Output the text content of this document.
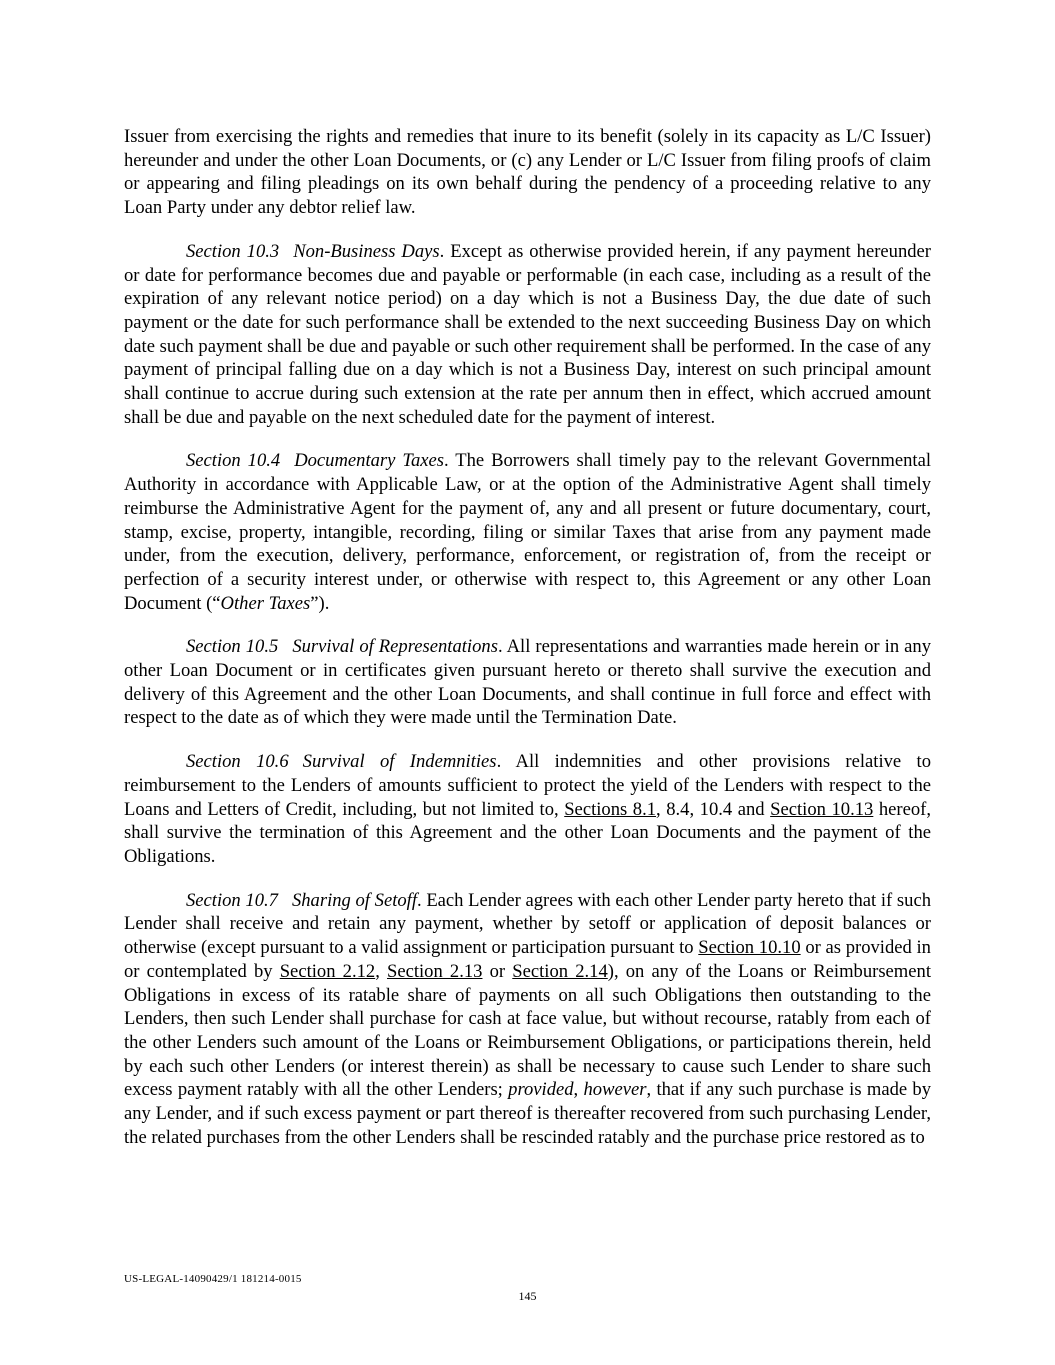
Issuer from exercising the rights and remedies that inure to its benefit (solely in its capacity as L/C Issuer) hereunder and under the other Loan Documents, or (c) any Lender or L/C Issuer from filing proofs of claim or appearing and filing pleadings on its own behalf during the pendency of a proceeding relative to any Loan Party under any debtor relief law.

Section 10.3 Non-Business Days. Except as otherwise provided herein, if any payment hereunder or date for performance becomes due and payable or performable (in each case, including as a result of the expiration of any relevant notice period) on a day which is not a Business Day, the due date of such payment or the date for such performance shall be extended to the next succeeding Business Day on which date such payment shall be due and payable or such other requirement shall be performed. In the case of any payment of principal falling due on a day which is not a Business Day, interest on such principal amount shall continue to accrue during such extension at the rate per annum then in effect, which accrued amount shall be due and payable on the next scheduled date for the payment of interest.

Section 10.4 Documentary Taxes. The Borrowers shall timely pay to the relevant Governmental Authority in accordance with Applicable Law, or at the option of the Administrative Agent shall timely reimburse the Administrative Agent for the payment of, any and all present or future documentary, court, stamp, excise, property, intangible, recording, filing or similar Taxes that arise from any payment made under, from the execution, delivery, performance, enforcement, or registration of, from the receipt or perfection of a security interest under, or otherwise with respect to, this Agreement or any other Loan Document (“Other Taxes”).

Section 10.5 Survival of Representations. All representations and warranties made herein or in any other Loan Document or in certificates given pursuant hereto or thereto shall survive the execution and delivery of this Agreement and the other Loan Documents, and shall continue in full force and effect with respect to the date as of which they were made until the Termination Date.

Section 10.6 Survival of Indemnities. All indemnities and other provisions relative to reimbursement to the Lenders of amounts sufficient to protect the yield of the Lenders with respect to the Loans and Letters of Credit, including, but not limited to, Sections 8.1, 8.4, 10.4 and Section 10.13 hereof, shall survive the termination of this Agreement and the other Loan Documents and the payment of the Obligations.

Section 10.7 Sharing of Setoff. Each Lender agrees with each other Lender party hereto that if such Lender shall receive and retain any payment, whether by setoff or application of deposit balances or otherwise (except pursuant to a valid assignment or participation pursuant to Section 10.10 or as provided in or contemplated by Section 2.12, Section 2.13 or Section 2.14), on any of the Loans or Reimbursement Obligations in excess of its ratable share of payments on all such Obligations then outstanding to the Lenders, then such Lender shall purchase for cash at face value, but without recourse, ratably from each of the other Lenders such amount of the Loans or Reimbursement Obligations, or participations therein, held by each such other Lenders (or interest therein) as shall be necessary to cause such Lender to share such excess payment ratably with all the other Lenders; provided, however, that if any such purchase is made by any Lender, and if such excess payment or part thereof is thereafter recovered from such purchasing Lender, the related purchases from the other Lenders shall be rescinded ratably and the purchase price restored as to

US-LEGAL-14090429/1 181214-0015
145
